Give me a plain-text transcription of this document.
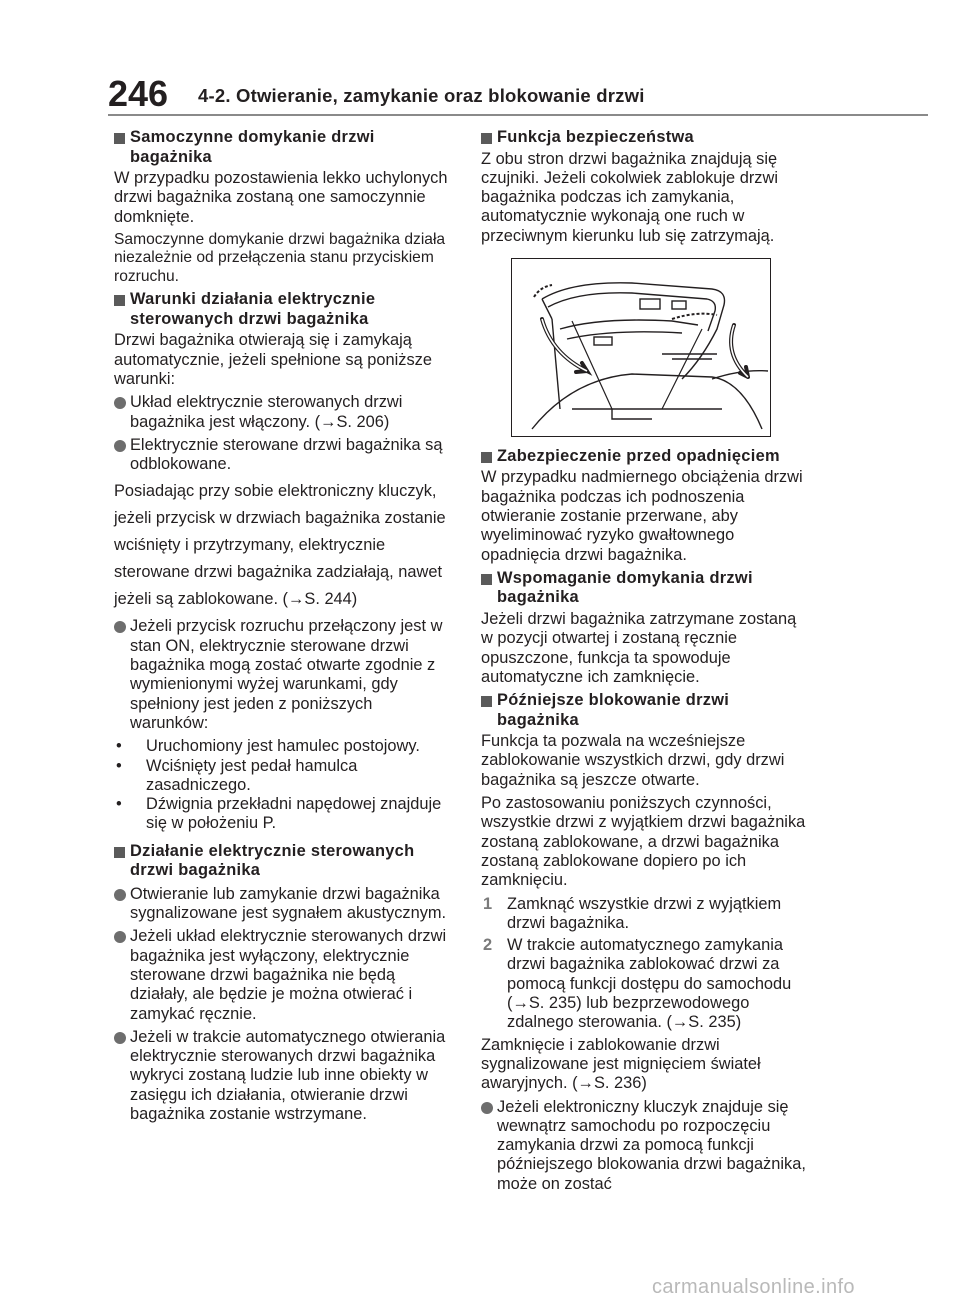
246 4-2. Otwieranie, zamykanie oraz blokowanie drzwi
Samoczynne domykanie drzwi bagażnika
W przypadku pozostawienia lekko uchylonych drzwi bagażnika zostaną one samoczynnie domknięte.
Samoczynne domykanie drzwi bagażnika działa niezależnie od przełączenia stanu przyciskiem rozruchu.
Warunki działania elektrycznie sterowanych drzwi bagażnika
Drzwi bagażnika otwierają się i zamykają automatycznie, jeżeli spełnione są poniższe warunki:
Układ elektrycznie sterowanych drzwi bagażnika jest włączony. (→S. 206)
Elektrycznie sterowane drzwi bagażnika są odblokowane.
Posiadając przy sobie elektroniczny kluczyk, jeżeli przycisk w drzwiach bagażnika zostanie wciśnięty i przytrzymany, elektrycznie sterowane drzwi bagażnika zadziałają, nawet jeżeli są zablokowane. (→S. 244)
Jeżeli przycisk rozruchu przełączony jest w stan ON, elektrycznie sterowane drzwi bagażnika mogą zostać otwarte zgodnie z wymienionymi wyżej warunkami, gdy spełniony jest jeden z poniższych warunków:
• Uruchomiony jest hamulec postojowy.
• Wciśnięty jest pedał hamulca zasadniczego.
• Dźwignia przekładni napędowej znajduje się w położeniu P.
Działanie elektrycznie sterowanych drzwi bagażnika
Otwieranie lub zamykanie drzwi bagażnika sygnalizowane jest sygnałem akustycznym.
Jeżeli układ elektrycznie sterowanych drzwi bagażnika jest wyłączony, elektrycznie sterowane drzwi bagażnika nie będą działały, ale będzie je można otwierać i zamykać ręcznie.
Jeżeli w trakcie automatycznego otwierania elektrycznie sterowanych drzwi bagażnika wykryci zostaną ludzie lub inne obiekty w zasięgu ich działania, otwieranie drzwi bagażnika zostanie wstrzymane.
Funkcja bezpieczeństwa
Z obu stron drzwi bagażnika znajdują się czujniki. Jeżeli cokolwiek zablokuje drzwi bagażnika podczas ich zamykania, automatycznie wykonają one ruch w przeciwnym kierunku lub się zatrzymają.
Zabezpieczenie przed opadnięciem
W przypadku nadmiernego obciążenia drzwi bagażnika podczas ich podnoszenia otwieranie zostanie przerwane, aby wyeliminować ryzyko gwałtownego opadnięcia drzwi bagażnika.
Wspomaganie domykania drzwi bagażnika
Jeżeli drzwi bagażnika zatrzymane zostaną w pozycji otwartej i zostaną ręcznie opuszczone, funkcja ta spowoduje automatyczne ich zamknięcie.
Późniejsze blokowanie drzwi bagażnika
Funkcja ta pozwala na wcześniejsze zablokowanie wszystkich drzwi, gdy drzwi bagażnika są jeszcze otwarte.
Po zastosowaniu poniższych czynności, wszystkie drzwi z wyjątkiem drzwi bagażnika zostaną zablokowane, a drzwi bagażnika zostaną zablokowane dopiero po ich zamknięciu.
1 Zamknąć wszystkie drzwi z wyjątkiem drzwi bagażnika.
2 W trakcie automatycznego zamykania drzwi bagażnika zablokować drzwi za pomocą funkcji dostępu do samochodu (→S. 235) lub bezprzewodowego zdalnego sterowania. (→S. 235)
Zamknięcie i zablokowanie drzwi sygnalizowane jest mignięciem świateł awaryjnych. (→S. 236)
Jeżeli elektroniczny kluczyk znajduje się wewnątrz samochodu po rozpoczęciu zamykania drzwi za pomocą funkcji późniejszego blokowania drzwi bagażnika, może on zostać
carmanualsonline.info
